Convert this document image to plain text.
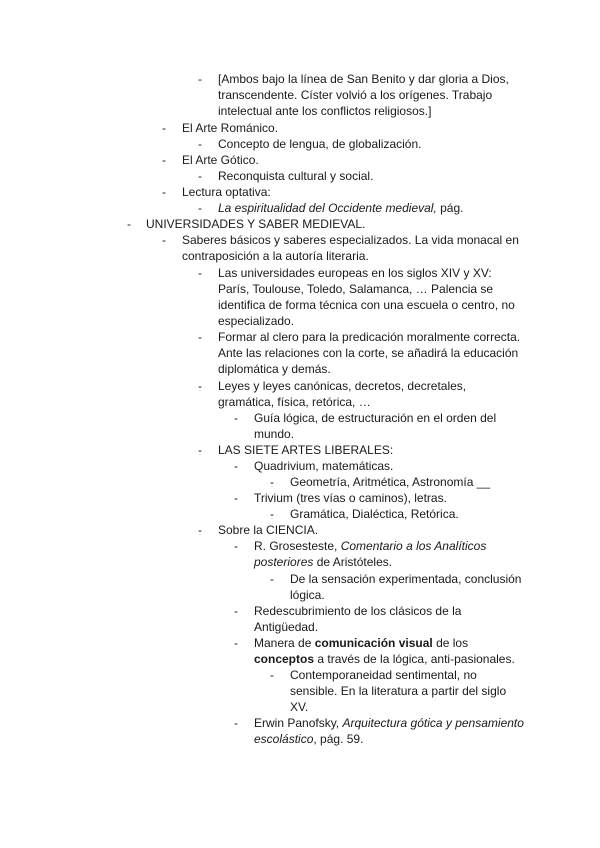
- [Ambos bajo la línea de San Benito y dar gloria a Dios,
transcendente. Císter volvió a los orígenes. Trabajo
intelectual ante los conflictos religiosos.]
- El Arte Románico.
- Concepto de lengua, de globalización.
- El Arte Gótico.
- Reconquista cultural y social.
- Lectura optativa:
- La espiritualidad del Occidente medieval, pág.
- UNIVERSIDADES Y SABER MEDIEVAL.
- Saberes básicos y saberes especializados. La vida monacal en
contraposición a la autoría literaria.
- Las universidades europeas en los siglos XIV y XV:
París, Toulouse, Toledo, Salamanca, … Palencia se
identifica de forma técnica con una escuela o centro, no
especializado.
- Formar al clero para la predicación moralmente correcta.
Ante las relaciones con la corte, se añadirá la educación
diplomática y demás.
- Leyes y leyes canónicas, decretos, decretales,
gramática, física, retórica, …
- Guía lógica, de estructuración en el orden del
mundo.
- LAS SIETE ARTES LIBERALES:
- Quadrivium, matemáticas.
- Geometría, Aritmética, Astronomía __
- Trivium (tres vías o caminos), letras.
- Gramática, Dialéctica, Retórica.
- Sobre la CIENCIA.
- R. Grosesteste, Comentario a los Analíticos
posteriores de Aristóteles.
- De la sensación experimentada, conclusión
lógica.
- Redescubrimiento de los clásicos de la
Antigüedad.
- Manera de comunicación visual de los
conceptos a través de la lógica, anti-pasionales.
- Contemporaneidad sentimental, no
sensible. En la literatura a partir del siglo
XV.
- Erwin Panofsky, Arquitectura gótica y pensamiento
escolástico, pág. 59.
